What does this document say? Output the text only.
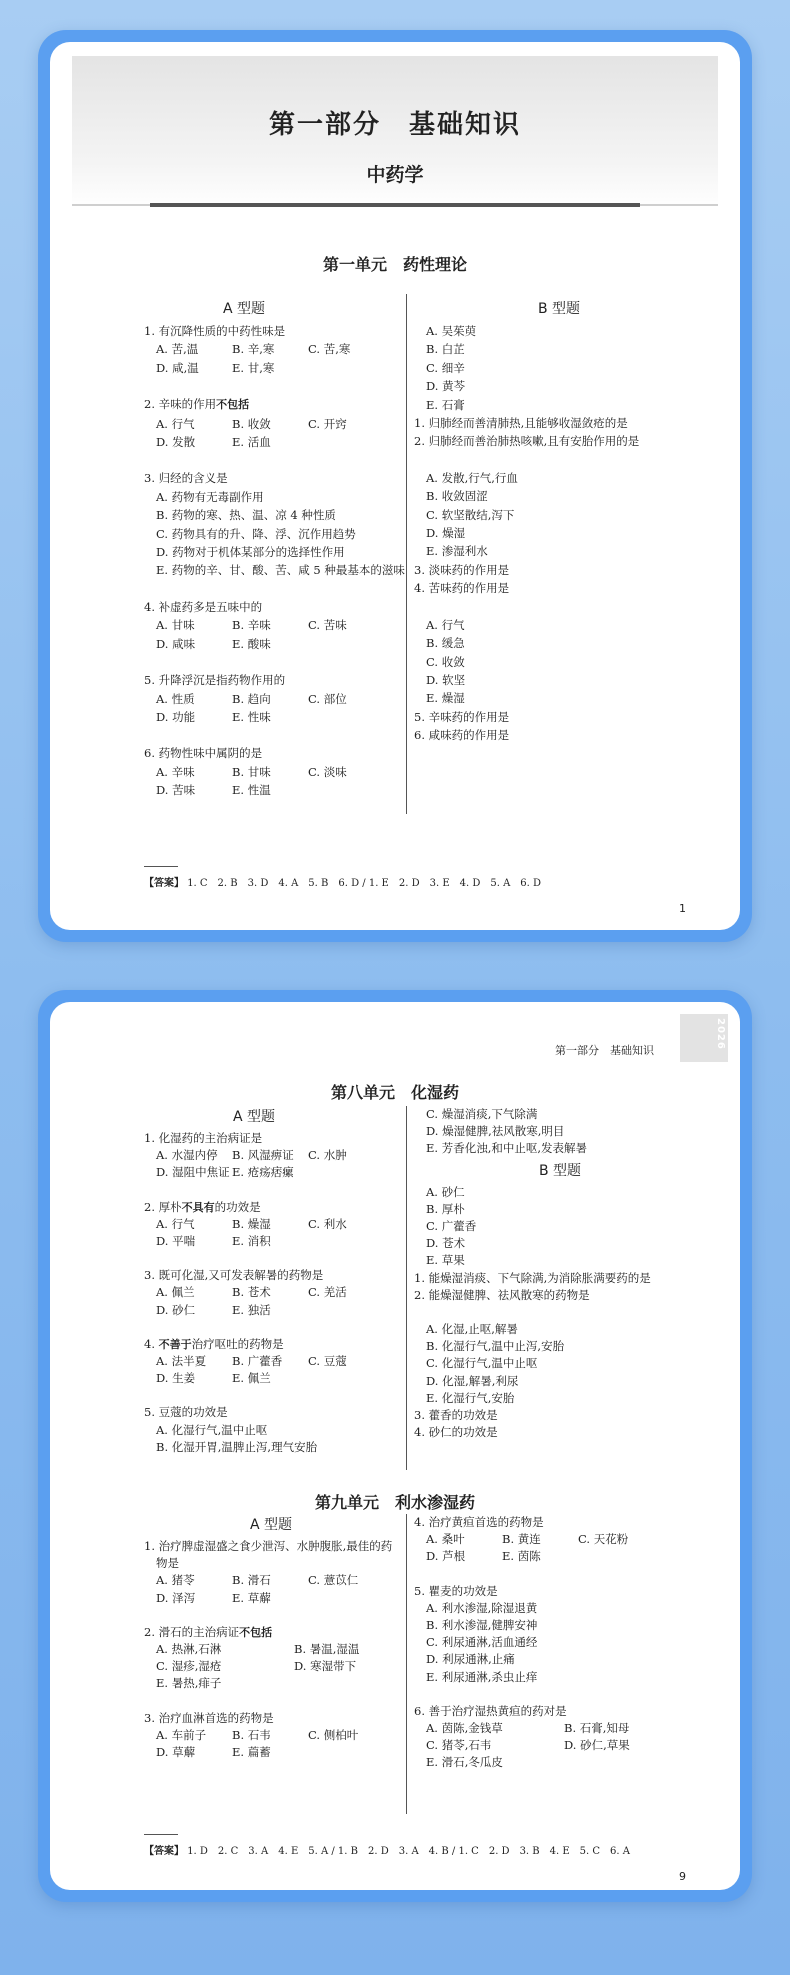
第一部分　基础知识
中药学
第一单元　药性理论
A 型题
1. 有沉降性质的中药性味是
A. 苦,温	B. 辛,寒	C. 苦,寒
D. 咸,温	E. 甘,寒
2. 辛味的作用不包括
A. 行气	B. 收敛	C. 开窍
D. 发散	E. 活血
3. 归经的含义是
A. 药物有无毒副作用
B. 药物的寒、热、温、凉 4 种性质
C. 药物具有的升、降、浮、沉作用趋势
D. 药物对于机体某部分的选择性作用
E. 药物的辛、甘、酸、苦、咸 5 种最基本的滋味
4. 补虚药多是五味中的
A. 甘味	B. 辛味	C. 苦味
D. 咸味	E. 酸味
5. 升降浮沉是指药物作用的
A. 性质	B. 趋向	C. 部位
D. 功能	E. 性味
6. 药物性味中属阴的是
A. 辛味	B. 甘味	C. 淡味
D. 苦味	E. 性温
B 型题
A. 吴茱萸
B. 白芷
C. 细辛
D. 黄芩
E. 石膏
1. 归肺经而善清肺热,且能够收湿敛疮的是
2. 归肺经而善治肺热咳嗽,且有安胎作用的是
A. 发散,行气,行血
B. 收敛固涩
C. 软坚散结,泻下
D. 燥湿
E. 渗湿利水
3. 淡味药的作用是
4. 苦味药的作用是
A. 行气
B. 缓急
C. 收敛
D. 软坚
E. 燥湿
5. 辛味药的作用是
6. 咸味药的作用是
【答案】 1. C　2. B　3. D　4. A　5. B　6. D / 1. E　2. D　3. E　4. D　5. A　6. D
1
2026
第一部分　基础知识
第八单元　化湿药
A 型题
1. 化湿药的主治病证是
A. 水湿内停 B. 风湿痹证 C. 水肿
D. 湿阻中焦证 E. 疮疡痞瘰
2. 厚朴不具有的功效是
A. 行气	B. 燥湿	C. 利水
D. 平喘	E. 消积
3. 既可化湿,又可发表解暑的药物是
A. 佩兰	B. 苍术	C. 羌活
D. 砂仁	E. 独活
4. 不善于治疗呕吐的药物是
A. 法半夏 B. 广藿香 C. 豆蔻
D. 生姜	E. 佩兰
5. 豆蔻的功效是
A. 化湿行气,温中止呕
B. 化湿开胃,温脾止泻,理气安胎
C. 燥湿消痰,下气除满
D. 燥湿健脾,祛风散寒,明目
E. 芳香化浊,和中止呕,发表解暑
B 型题
A. 砂仁
B. 厚朴
C. 广藿香
D. 苍术
E. 草果
1. 能燥湿消痰、下气除满,为消除胀满要药的是
2. 能燥湿健脾、祛风散寒的药物是
A. 化湿,止呕,解暑
B. 化湿行气,温中止泻,安胎
C. 化湿行气,温中止呕
D. 化湿,解暑,利尿
E. 化湿行气,安胎
3. 藿香的功效是
4. 砂仁的功效是
第九单元　利水渗湿药
A 型题
1. 治疗脾虚湿盛之食少泄泻、水肿腹胀,最佳的药物是
A. 猪苓	B. 滑石	C. 薏苡仁
D. 泽泻	E. 草薢
2. 滑石的主治病证不包括
A. 热淋,石淋	B. 暑温,湿温
C. 湿疹,湿疮	D. 寒湿带下
E. 暑热,痱子
3. 治疗血淋首选的药物是
A. 车前子 B. 石韦	C. 侧柏叶
D. 草薢	E. 萹蓄
4. 治疗黄疸首选的药物是
A. 桑叶	B. 黄连	C. 天花粉
D. 芦根	E. 茵陈
5. 瞿麦的功效是
A. 利水渗湿,除湿退黄
B. 利水渗湿,健脾安神
C. 利尿通淋,活血通经
D. 利尿通淋,止痛
E. 利尿通淋,杀虫止痒
6. 善于治疗湿热黄疸的药对是
A. 茵陈,金钱草	B. 石膏,知母
C. 猪苓,石韦	D. 砂仁,草果
E. 滑石,冬瓜皮
【答案】 1. D　2. C　3. A　4. E　5. A / 1. B　2. D　3. A　4. B / 1. C　2. D　3. B　4. E　5. C　6. A
9
